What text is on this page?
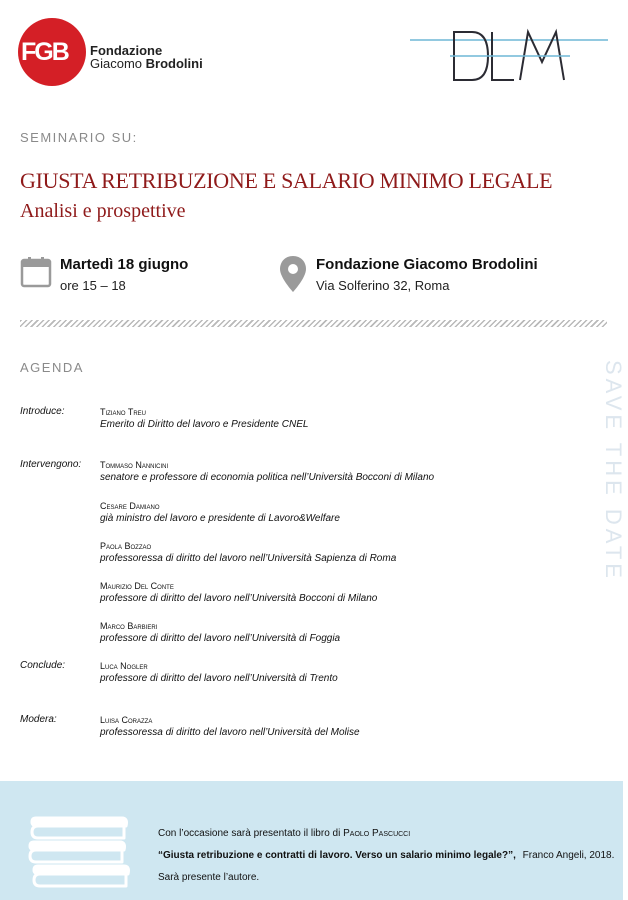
FGB Fondazione
Giacomo Brodolini
DLM
SEMINARIO SU:
GIUSTA RETRIBUZIONE E SALARIO MINIMO LEGALE
Analisi e prospettive
Martedì 18 giugno
ore 15 – 18
Fondazione Giacomo Brodolini
Via Solferino 32, Roma
AGENDA
Introduce:	Tiziano Treu
Emerito di Diritto del lavoro e Presidente CNEL
Intervengono: Tommaso Nannicini
senatore e professore di economia politica nell’Università Bocconi di Milano
Cesare Damiano
già ministro del lavoro e presidente di Lavoro&Welfare
Paola Bozzao
professoressa di diritto del lavoro nell’Università Sapienza di Roma
Maurizio Del Conte
professore di diritto del lavoro nell’Università Bocconi di Milano
Marco Barbieri
professore di diritto del lavoro nell’Università di Foggia
Conclude:	Luca Nogler
professore di diritto del lavoro nell’Università di Trento
Modera:	Luisa Corazza
professoressa di diritto del lavoro nell’Università del Molise
SAVE THE DATE
Con l’occasione sarà presentato il libro di Paolo Pascucci
“Giusta retribuzione e contratti di lavoro. Verso un salario minimo legale?”, Franco Angeli, 2018.
Sarà presente l’autore.
